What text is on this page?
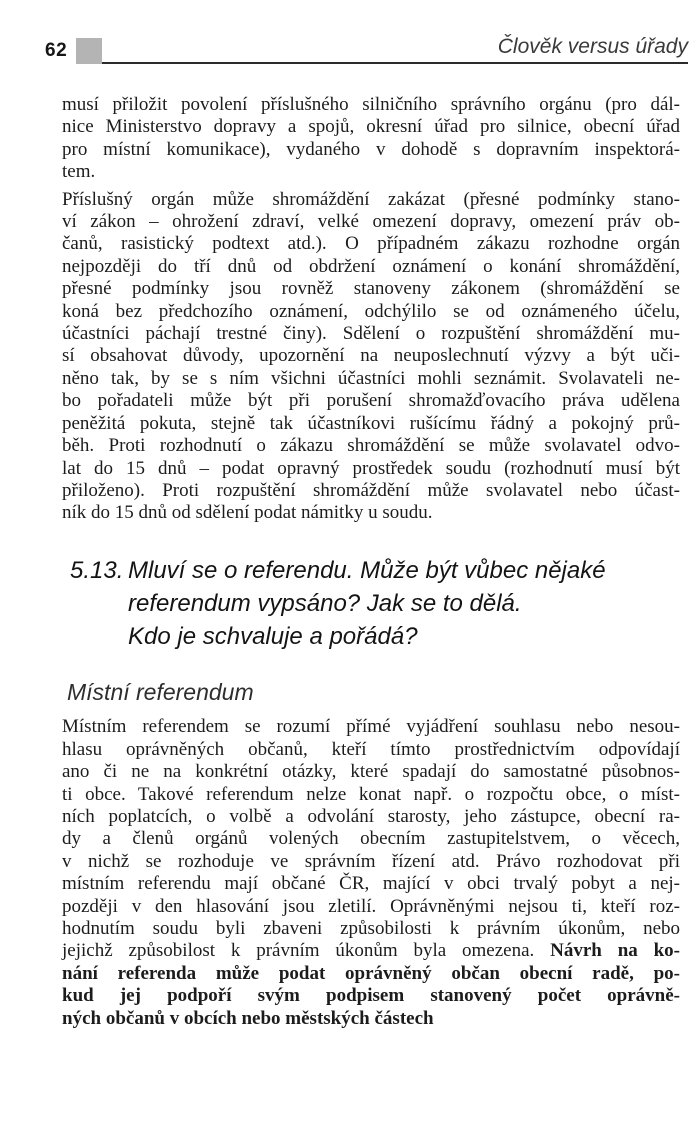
62	Člověk versus úřady
musí přiložit povolení příslušného silničního správního orgánu (pro dál-
nice Ministerstvo dopravy a spojů, okresní úřad pro silnice, obecní úřad
pro místní komunikace), vydaného v dohodě s dopravním inspektorá-
tem.
Příslušný orgán může shromáždění zakázat (přesné podmínky stano-
ví zákon – ohrožení zdraví, velké omezení dopravy, omezení práv ob-
čanů, rasistický podtext atd.). O případném zákazu rozhodne orgán
nejpozději do tří dnů od obdržení oznámení o konání shromáždění,
přesné podmínky jsou rovněž stanoveny zákonem (shromáždění se
koná bez předchozího oznámení, odchýlilo se od oznámeného účelu,
účastníci páchají trestné činy). Sdělení o rozpuštění shromáždění mu-
sí obsahovat důvody, upozornění na neuposlechnutí výzvy a být uči-
něno tak, by se s ním všichni účastníci mohli seznámit. Svolavateli ne-
bo pořadateli může být při porušení shromažďovacího práva udělena
peněžitá pokuta, stejně tak účastníkovi rušícímu řádný a pokojný prů-
běh. Proti rozhodnutí o zákazu shromáždění se může svolavatel odvo-
lat do 15 dnů – podat opravný prostředek soudu (rozhodnutí musí být
přiloženo). Proti rozpuštění shromáždění může svolavatel nebo účast-
ník do 15 dnů od sdělení podat námitky u soudu.
5.13. Mluví se o referendu. Může být vůbec nějaké
referendum vypsáno? Jak se to dělá.
Kdo je schvaluje a pořádá?
Místní referendum
Místním referendem se rozumí přímé vyjádření souhlasu nebo nesou-
hlasu oprávněných občanů, kteří tímto prostřednictvím odpovídají
ano či ne na konkrétní otázky, které spadají do samostatné působnos-
ti obce. Takové referendum nelze konat např. o rozpočtu obce, o míst-
ních poplatcích, o volbě a odvolání starosty, jeho zástupce, obecní ra-
dy a členů orgánů volených obecním zastupitelstvem, o věcech,
v nichž se rozhoduje ve správním řízení atd. Právo rozhodovat při
místním referendu mají občané ČR, mající v obci trvalý pobyt a nej-
později v den hlasování jsou zletilí. Oprávněnými nejsou ti, kteří roz-
hodnutím soudu byli zbaveni způsobilosti k právním úkonům, nebo
jejichž způsobilost k právním úkonům byla omezena. Návrh na ko-
nání referenda může podat oprávněný občan obecní radě, po-
kud jej podpoří svým podpisem stanovený počet oprávně-
ných občanů v obcích nebo městských částech
